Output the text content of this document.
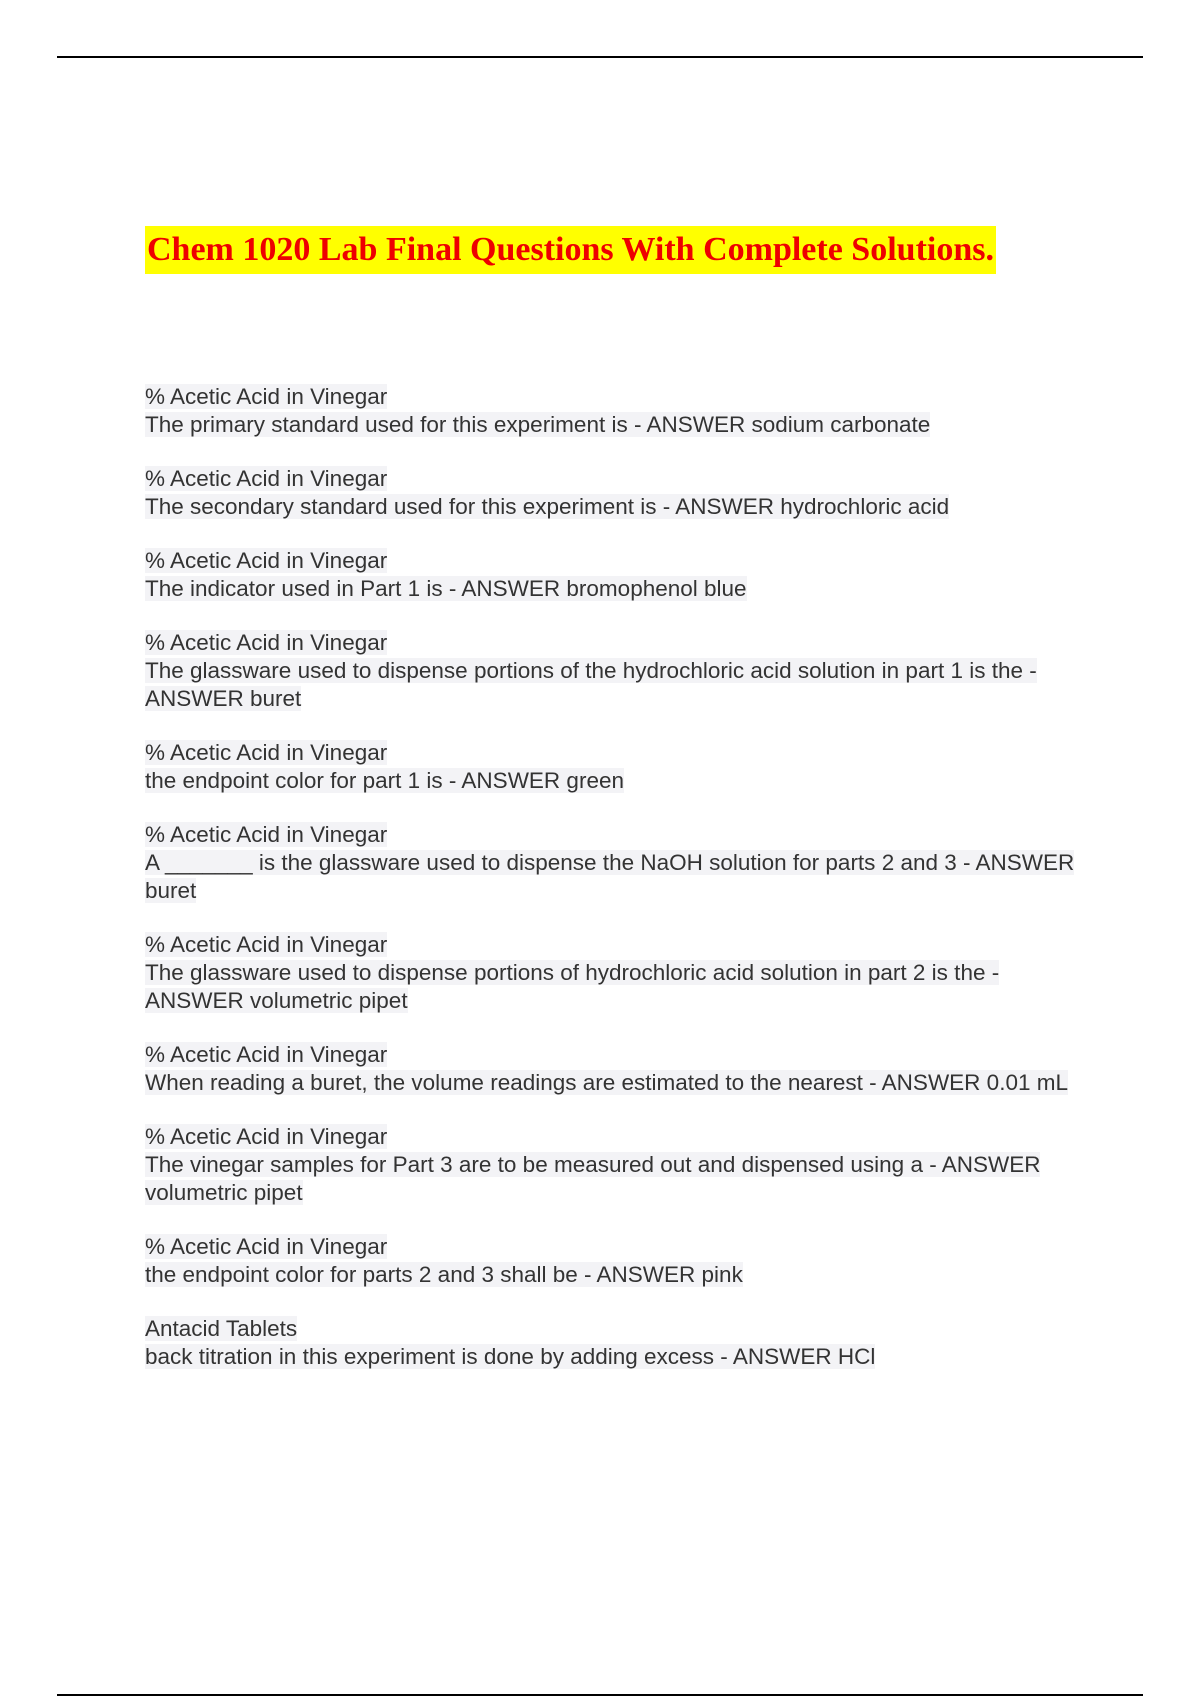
Chem 1020 Lab Final Questions With Complete Solutions.
% Acetic Acid in Vinegar
The primary standard used for this experiment is - ANSWER sodium carbonate
% Acetic Acid in Vinegar
The secondary standard used for this experiment is - ANSWER hydrochloric acid
% Acetic Acid in Vinegar
The indicator used in Part 1 is - ANSWER bromophenol blue
% Acetic Acid in Vinegar
The glassware used to dispense portions of the hydrochloric acid solution in part 1 is the - ANSWER buret
% Acetic Acid in Vinegar
the endpoint color for part 1 is - ANSWER green
% Acetic Acid in Vinegar
A _______ is the glassware used to dispense the NaOH solution for parts 2 and 3 - ANSWER buret
% Acetic Acid in Vinegar
The glassware used to dispense portions of hydrochloric acid solution in part 2 is the - ANSWER volumetric pipet
% Acetic Acid in Vinegar
When reading a buret, the volume readings are estimated to the nearest - ANSWER 0.01 mL
% Acetic Acid in Vinegar
The vinegar samples for Part 3 are to be measured out and dispensed using a - ANSWER volumetric pipet
% Acetic Acid in Vinegar
the endpoint color for parts 2 and 3 shall be - ANSWER pink
Antacid Tablets
back titration in this experiment is done by adding excess - ANSWER HCl
